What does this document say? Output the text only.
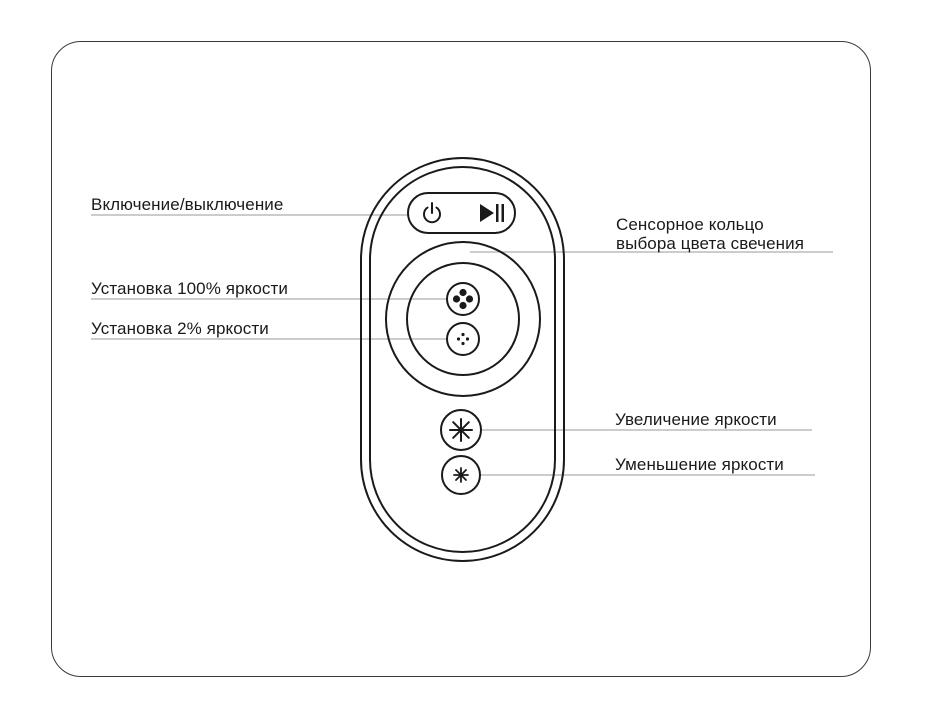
Включение/выключение
Сенсорное кольцо
выбора цвета свечения
Установка 100% яркости
Установка 2% яркости
Увеличение яркости
Уменьшение яркости
